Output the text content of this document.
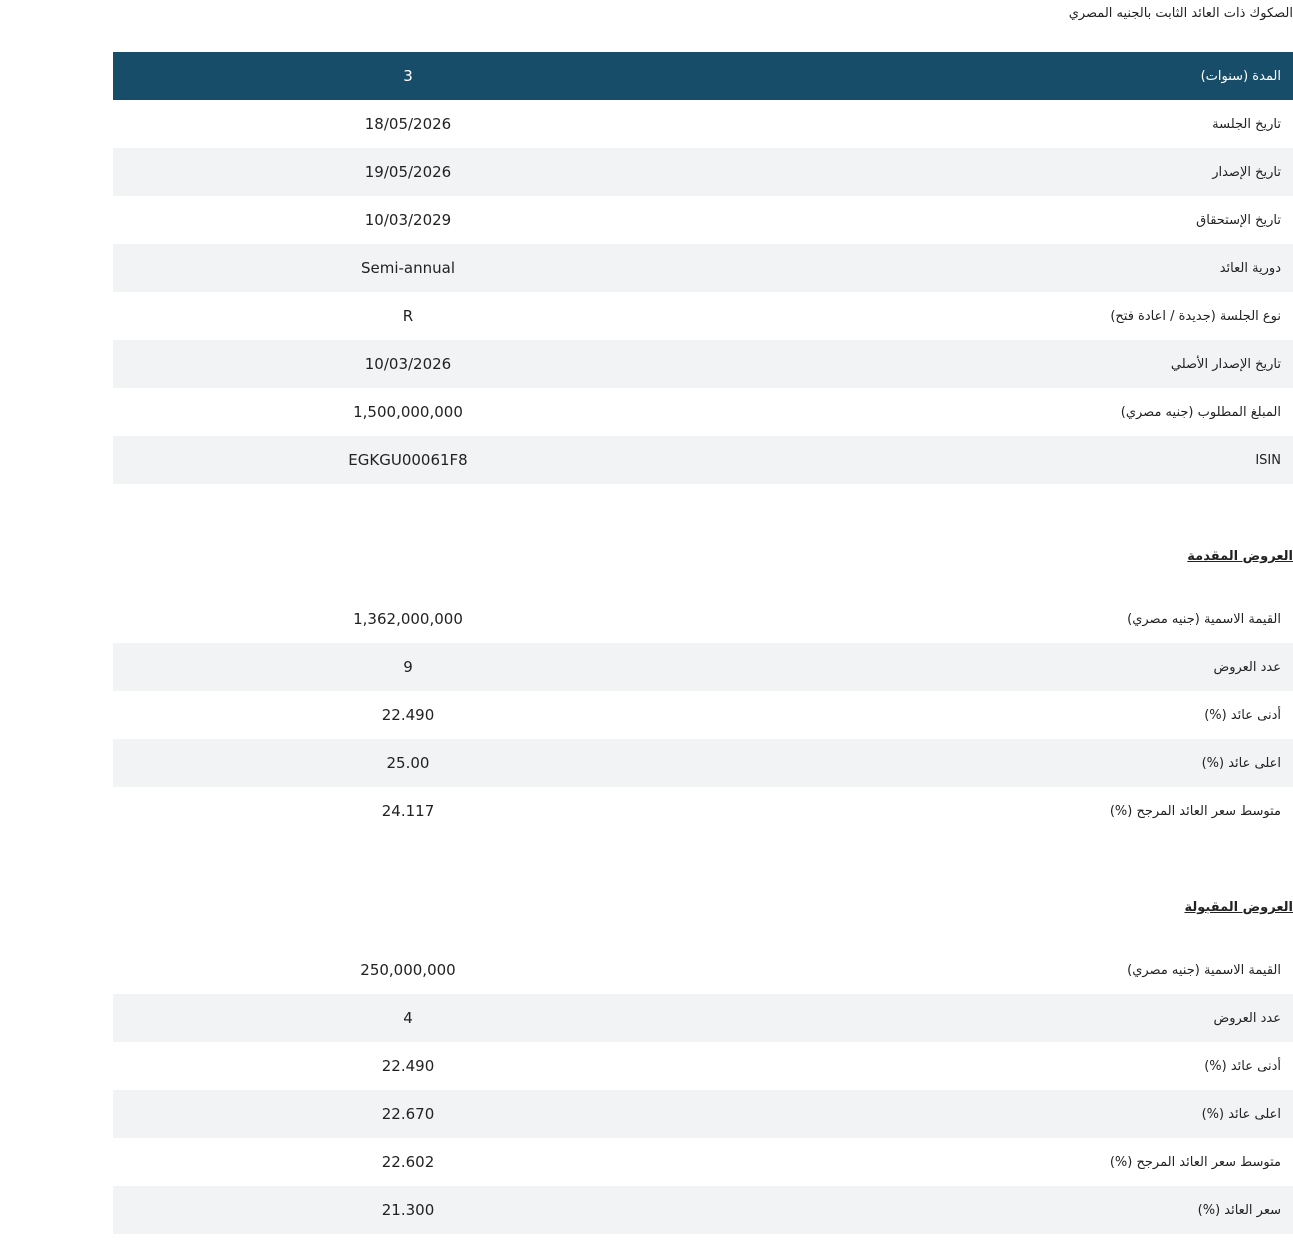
الصكوك ذات العائد الثابت بالجنيه المصري
3	المدة (سنوات)
18/05/2026	تاريخ الجلسة
19/05/2026	تاريخ الإصدار
10/03/2029	تاريخ الإستحقاق
Semi-annual	دورية العائد
R	نوع الجلسة (جديدة / اعادة فتح)
10/03/2026	تاريخ الإصدار الأصلي
1,500,000,000	المبلغ المطلوب (جنيه مصري)
EGKGU00061F8	ISIN
العروض المقدمة
1,362,000,000	القيمة الاسمية (جنيه مصري)
9	عدد العروض
22.490	أدنى عائد (%)
25.00	اعلى عائد (%)
24.117	متوسط سعر العائد المرجح (%)
العروض المقبولة
250,000,000	القيمة الاسمية (جنيه مصري)
4	عدد العروض
22.490	أدنى عائد (%)
22.670	اعلى عائد (%)
22.602	متوسط سعر العائد المرجح (%)
21.300	سعر العائد (%)
